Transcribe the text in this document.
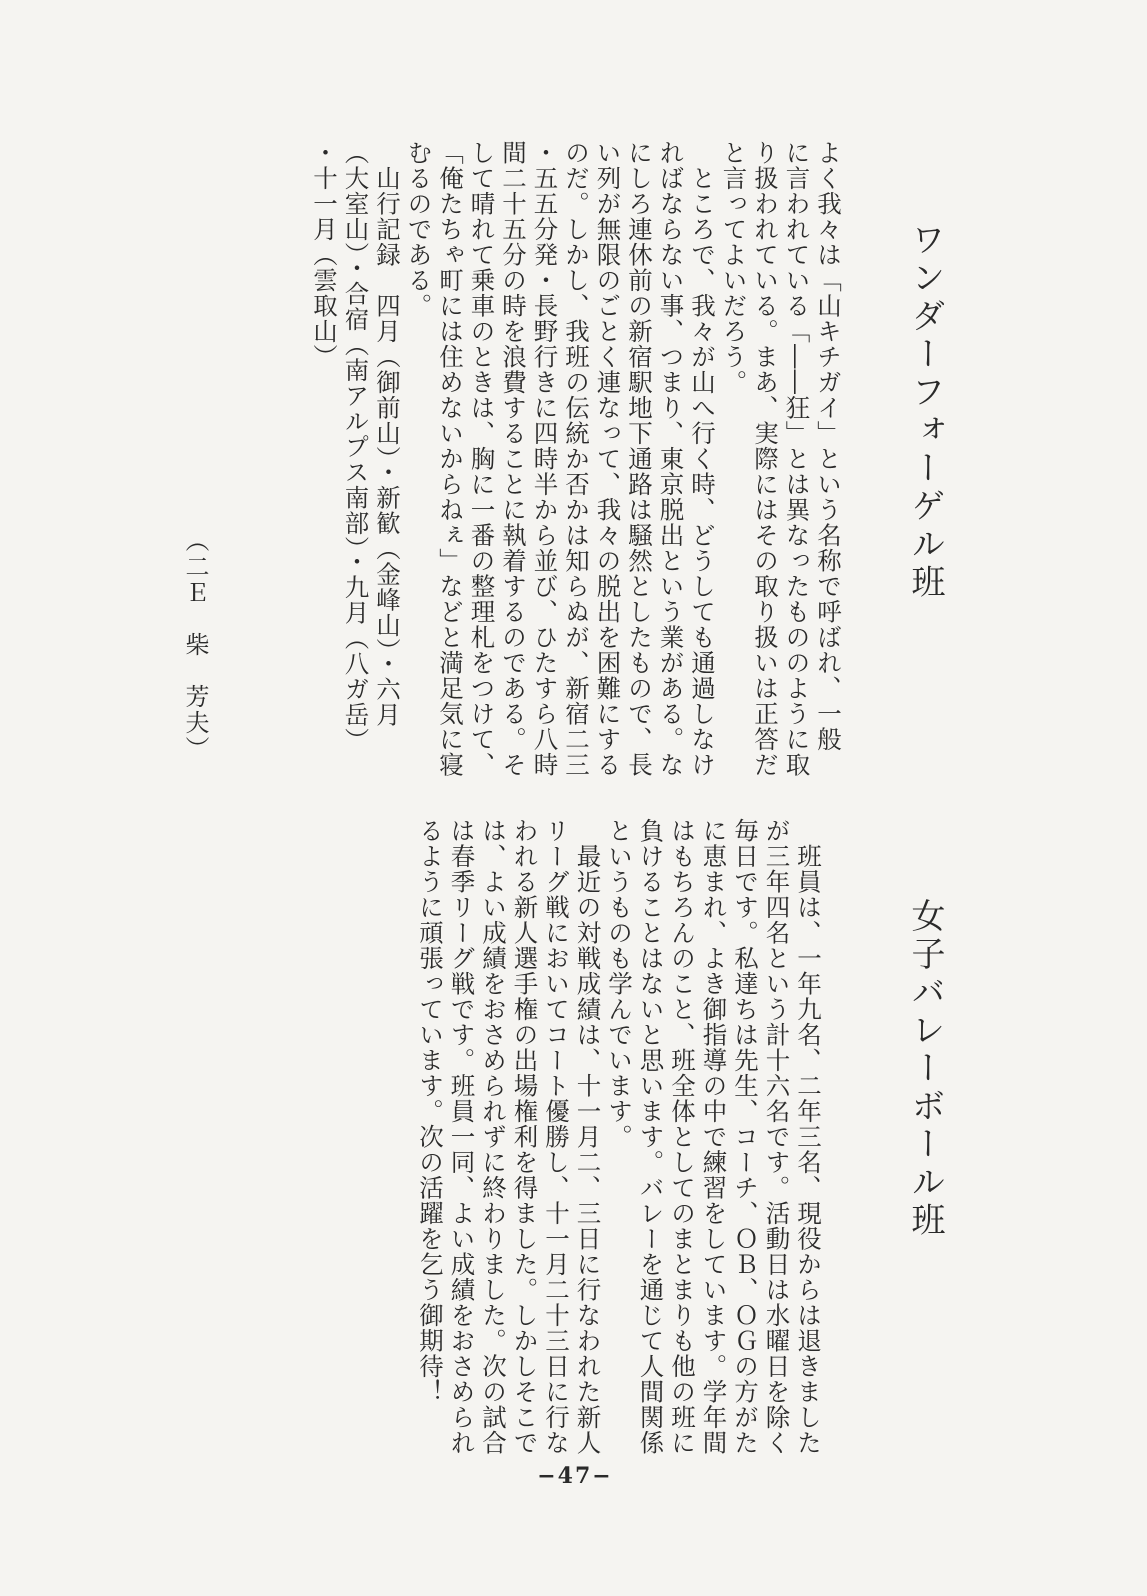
ワンダーフォーゲル班

よく我々は「山キチガイ」という名称で呼ばれ、一般

に言われている「――狂」とは異なったもののように取

り扱われている。まあ、実際にはその取り扱いは正答だ

と言ってよいだろう。

　ところで、我々が山へ行く時、どうしても通過しなけ

ればならない事、つまり、東京脱出という業がある。な

にしろ連休前の新宿駅地下通路は騒然としたもので、長

い列が無限のごとく連なって、我々の脱出を困難にする

のだ。しかし、我班の伝統か否かは知らぬが、新宿二三

・五五分発・長野行きに四時半から並び、ひたすら八時

間二十五分の時を浪費することに執着するのである。そ

して晴れて乗車のときは、胸に一番の整理札をつけて、

「俺たちゃ町には住めないからねぇ」などと満足気に寝

むるのである。

　山行記録　四月（御前山）・新歓（金峰山）・六月

（大室山）・合宿（南アルプス南部）・九月（八ガ岳）

・十一月（雲取山）

（二Ｅ　柴　芳夫）
女子バレーボール班

　班員は、一年九名、二年三名、現役からは退きました

が三年四名という計十六名です。活動日は水曜日を除く

毎日です。私達ちは先生、コーチ、ＯＢ、ＯＧの方がた

に恵まれ、よき御指導の中で練習をしています。学年間

はもちろんのこと、班全体としてのまとまりも他の班に

負けることはないと思います。バレーを通じて人間関係

というものも学んでいます。

　最近の対戦成績は、十一月二、三日に行なわれた新人

リーグ戦においてコート優勝し、十一月二十三日に行な

われる新人選手権の出場権利を得ました。しかしそこで

は、よい成績をおさめられずに終わりました。次の試合

は春季リーグ戦です。班員一同、よい成績をおさめられ

るように頑張っています。次の活躍を乞う御期待！

−47−
